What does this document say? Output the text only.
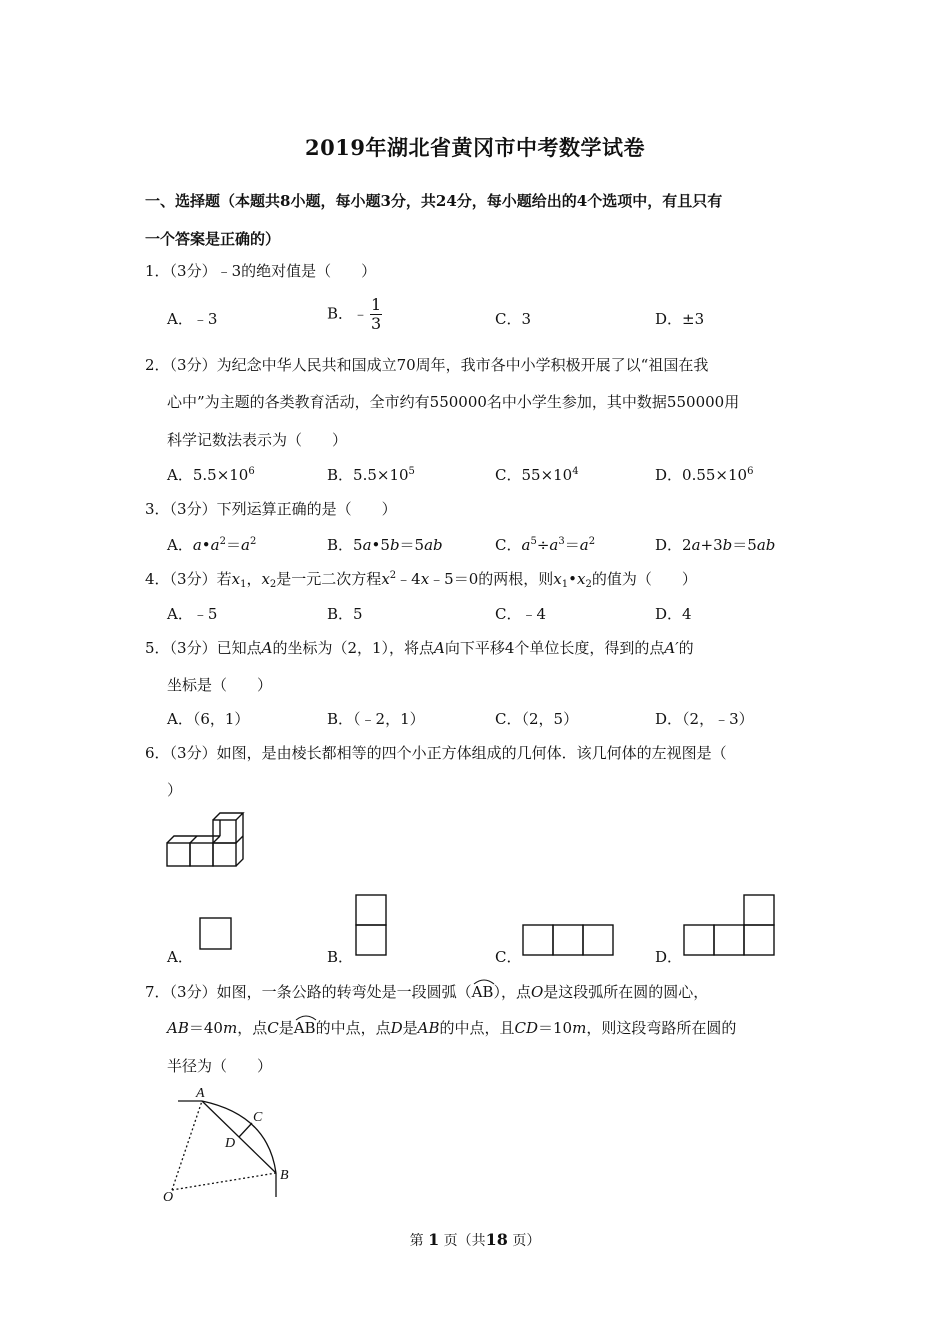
2019年湖北省黄冈市中考数学试卷
一、选择题（本题共8小题，每小题3分，共24分，每小题给出的4个选项中，有且只有
一个答案是正确的）
1．（3分）﹣3的绝对值是（　　）
A．﹣3	B．﹣ $\frac{1}{3}$	C．3	D．±3
2．（3分）为纪念中华人民共和国成立70周年，我市各中小学积极开展了以“祖国在我
心中”为主题的各类教育活动，全市约有550000名中小学生参加，其中数据550000用
科学记数法表示为（　　）
A．$5.5\times 10^6$	B．$5.5\times 10^5$	C．$55\times 10^4$	D．$0.55\times 10^6$
3．（3分）下列运算正确的是（　　）
A．$a•a^2=a^2$	B．5a•5b＝5ab	C．$a^5\div a^3=a^2$	D．2a+3b＝5ab
4．（3分）若$x_1$，$x_2$是一元二次方程$x^2﹣4x﹣5=0$的两根，则$x_1•x_2$的值为（　　）
A．﹣5	B．5	C．﹣4	D．4
5．（3分）已知点A的坐标为（2，1），将点A向下平移4个单位长度，得到的点A′的
坐标是（　　）
A．（6，1）	B．（﹣2，1）	C．（2，5）	D．（2，﹣3）
6．（3分）如图，是由棱长都相等的四个小正方体组成的几何体．该几何体的左视图是（
）
A．	B．	C．	D．
7．（3分）如图，一条公路的转弯处是一段圆弧（
AB），点O是这段弧所在圆的圆心，
AB＝40m，点C是
AB的中点，点D是AB的中点，且CD＝10m，则这段弯路所在圆的
半径为（　　）
A
B
C
D
O
第 1 页（共18 页）
